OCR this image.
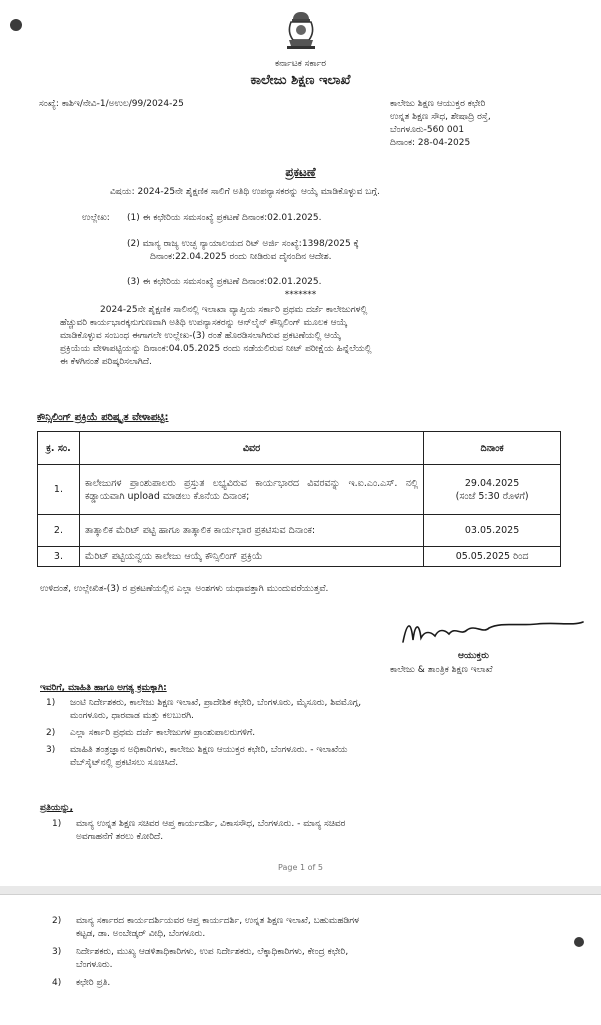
ಕರ್ನಾಟಕ ಸರ್ಕಾರ

ಕಾಲೇಜು ಶಿಕ್ಷಣ ಇಲಾಖೆ

ಸಂಖ್ಯೆ: ಕಾಶಿಇ/ನೇವಿ-1/ಅಉಲ/99/2024-25	ಕಾಲೇಜು ಶಿಕ್ಷಣ ಆಯುಕ್ತರ ಕಛೇರಿ
ಉನ್ನತ ಶಿಕ್ಷಣ ಸೌಧ, ಶೇಷಾದ್ರಿ ರಸ್ತೆ,
ಬೆಂಗಳೂರು-560 001
ದಿನಾಂಕ: 28-04-2025

ಪ್ರಕಟಣೆ

ವಿಷಯ: 2024-25ನೇ ಶೈಕ್ಷಣಿಕ ಸಾಲಿಗೆ ಅತಿಥಿ ಉಪನ್ಯಾಸಕರನ್ನು ಆಯ್ಕೆ ಮಾಡಿಕೊಳ್ಳುವ ಬಗ್ಗೆ.

ಉಲ್ಲೇಖ:	(1) ಈ ಕಛೇರಿಯ ಸಮಸಂಖ್ಯೆ ಪ್ರಕಟಣೆ ದಿನಾಂಕ:02.01.2025.

(2) ಮಾನ್ಯ ರಾಜ್ಯ ಉಚ್ಛ ನ್ಯಾಯಾಲಯದ ರಿಟ್ ಅರ್ಜಿ ಸಂಖ್ಯೆ:1398/2025 ಕ್ಕೆ

ದಿನಾಂಕ:22.04.2025 ರಂದು ನೀಡಿರುವ ದೈನಂದಿನ ಆದೇಶ.

(3) ಈ ಕಛೇರಿಯ ಸಮಸಂಖ್ಯೆ ಪ್ರಕಟಣೆ ದಿನಾಂಕ:02.01.2025.

*******

2024-25ನೇ ಶೈಕ್ಷಣಿಕ ಸಾಲಿನಲ್ಲಿ ಇಲಾಖಾ ವ್ಯಾಪ್ತಿಯ ಸರ್ಕಾರಿ ಪ್ರಥಮ ದರ್ಜೆ ಕಾಲೇಜುಗಳಲ್ಲಿ
ಹೆಚ್ಚುವರಿ ಕಾರ್ಯಭಾರಕ್ಕನುಗುಣವಾಗಿ ಅತಿಥಿ ಉಪನ್ಯಾಸಕರನ್ನು ಆನ್‌ಲೈನ್ ಕೌನ್ಸಿಲಿಂಗ್ ಮೂಲಕ ಆಯ್ಕೆ
ಮಾಡಿಕೊಳ್ಳುವ ಸಂಬಂಧ ಈಗಾಗಲೇ ಉಲ್ಲೇಖ-(3) ರಂತೆ ಹೊರಡಿಸಲಾಗಿರುವ ಪ್ರಕಟಣೆಯಲ್ಲಿ ಆಯ್ಕೆ
ಪ್ರಕ್ರಿಯೆಯ ವೇಳಾಪಟ್ಟಿಯನ್ನು ದಿನಾಂಕ:04.05.2025 ರಂದು ನಡೆಯಲಿರುವ ನೀಟ್ ಪರೀಕ್ಷೆಯ ಹಿನ್ನೆಲೆಯಲ್ಲಿ
ಈ ಕೆಳಗಿನಂತೆ ಪರಿಷ್ಕರಿಸಲಾಗಿದೆ.

ಕೌನ್ಸಿಲಿಂಗ್ ಪ್ರಕ್ರಿಯೆ ಪರಿಷ್ಕೃತ ವೇಳಾಪಟ್ಟಿ:

ಕ್ರ. ಸಂ.	ವಿವರ	ದಿನಾಂಕ
1.	ಕಾಲೇಜುಗಳ ಪ್ರಾಂಶುಪಾಲರು ಪ್ರಸ್ತುತ ಲಭ್ಯವಿರುವ ಕಾರ್ಯಭಾರದ ವಿವರವನ್ನು ಇ.ಐ.ಎಂ.ಎಸ್. ನಲ್ಲಿ ಕಡ್ಡಾಯವಾಗಿ upload ಮಾಡಲು ಕೊನೆಯ ದಿನಾಂಕ;	29.04.2025
(ಸಂಜೆ 5:30 ರೊಳಗೆ)

2.	ತಾತ್ಕಾಲಿಕ ಮೆರಿಟ್ ಪಟ್ಟಿ ಹಾಗೂ ತಾತ್ಕಾಲಿಕ ಕಾರ್ಯಭಾರ ಪ್ರಕಟಿಸುವ ದಿನಾಂಕ:	03.05.2025
3.	ಮೆರಿಟ್ ಪಟ್ಟಿಯನ್ವಯ ಕಾಲೇಜು ಆಯ್ಕೆ ಕೌನ್ಸಿಲಿಂಗ್ ಪ್ರಕ್ರಿಯೆ	05.05.2025 ರಿಂದ

ಉಳಿದಂತೆ, ಉಲ್ಲೇಖಿತ-(3) ರ ಪ್ರಕಟಣೆಯಲ್ಲಿನ ಎಲ್ಲಾ ಅಂಶಗಳು ಯಥಾವತ್ತಾಗಿ ಮುಂದುವರೆಯುತ್ತವೆ.

ಆಯುಕ್ತರು

ಕಾಲೇಜು & ತಾಂತ್ರಿಕ ಶಿಕ್ಷಣ ಇಲಾಖೆ

ಇವರಿಗೆ, ಮಾಹಿತಿ ಹಾಗೂ ಅಗತ್ಯ ಕ್ರಮಕ್ಕಾಗಿ:

1)	ಜಂಟಿ ನಿರ್ದೇಶಕರು, ಕಾಲೇಜು ಶಿಕ್ಷಣ ಇಲಾಖೆ, ಪ್ರಾದೇಶಿಕ ಕಛೇರಿ, ಬೆಂಗಳೂರು, ಮೈಸೂರು, ಶಿವಮೊಗ್ಗ,
ಮಂಗಳೂರು, ಧಾರವಾಡ ಮತ್ತು ಕಲಬುರಗಿ.
2)	ಎಲ್ಲಾ ಸರ್ಕಾರಿ ಪ್ರಥಮ ದರ್ಜೆ ಕಾಲೇಜುಗಳ ಪ್ರಾಂಶುಪಾಲರುಗಳಿಗೆ.
3)	ಮಾಹಿತಿ ತಂತ್ರಜ್ಞಾನ ಅಧಿಕಾರಿಗಳು, ಕಾಲೇಜು ಶಿಕ್ಷಣ ಆಯುಕ್ತರ ಕಛೇರಿ, ಬೆಂಗಳೂರು. - ಇಲಾಖೆಯ
ವೆಬ್‌ಸೈಟ್‌ನಲ್ಲಿ ಪ್ರಕಟಿಸಲು ಸೂಚಿಸಿದೆ.

ಪ್ರತಿಯನ್ನು,

1)	ಮಾನ್ಯ ಉನ್ನತ ಶಿಕ್ಷಣ ಸಚಿವರ ಆಪ್ತ ಕಾರ್ಯದರ್ಶಿ, ವಿಕಾಸಸೌಧ, ಬೆಂಗಳೂರು. - ಮಾನ್ಯ ಸಚಿವರ
ಅವಗಾಹನೆಗೆ ತರಲು ಕೋರಿದೆ.

Page 1 of 5

2)	ಮಾನ್ಯ ಸರ್ಕಾರದ ಕಾರ್ಯದರ್ಶಿಯವರ ಆಪ್ತ ಕಾರ್ಯದರ್ಶಿ, ಉನ್ನತ ಶಿಕ್ಷಣ ಇಲಾಖೆ, ಬಹುಮಹಡಿಗಳ
ಕಟ್ಟಡ, ಡಾ. ಅಂಬೇಡ್ಕರ್ ವೀಧಿ, ಬೆಂಗಳೂರು.
3)	ನಿರ್ದೇಶಕರು, ಮುಖ್ಯ ಆಡಳಿತಾಧಿಕಾರಿಗಳು, ಉಪ ನಿರ್ದೇಶಕರು, ಲೆಕ್ಕಾಧಿಕಾರಿಗಳು, ಕೇಂದ್ರ ಕಛೇರಿ,
ಬೆಂಗಳೂರು.
4)	ಕಛೇರಿ ಪ್ರತಿ.
